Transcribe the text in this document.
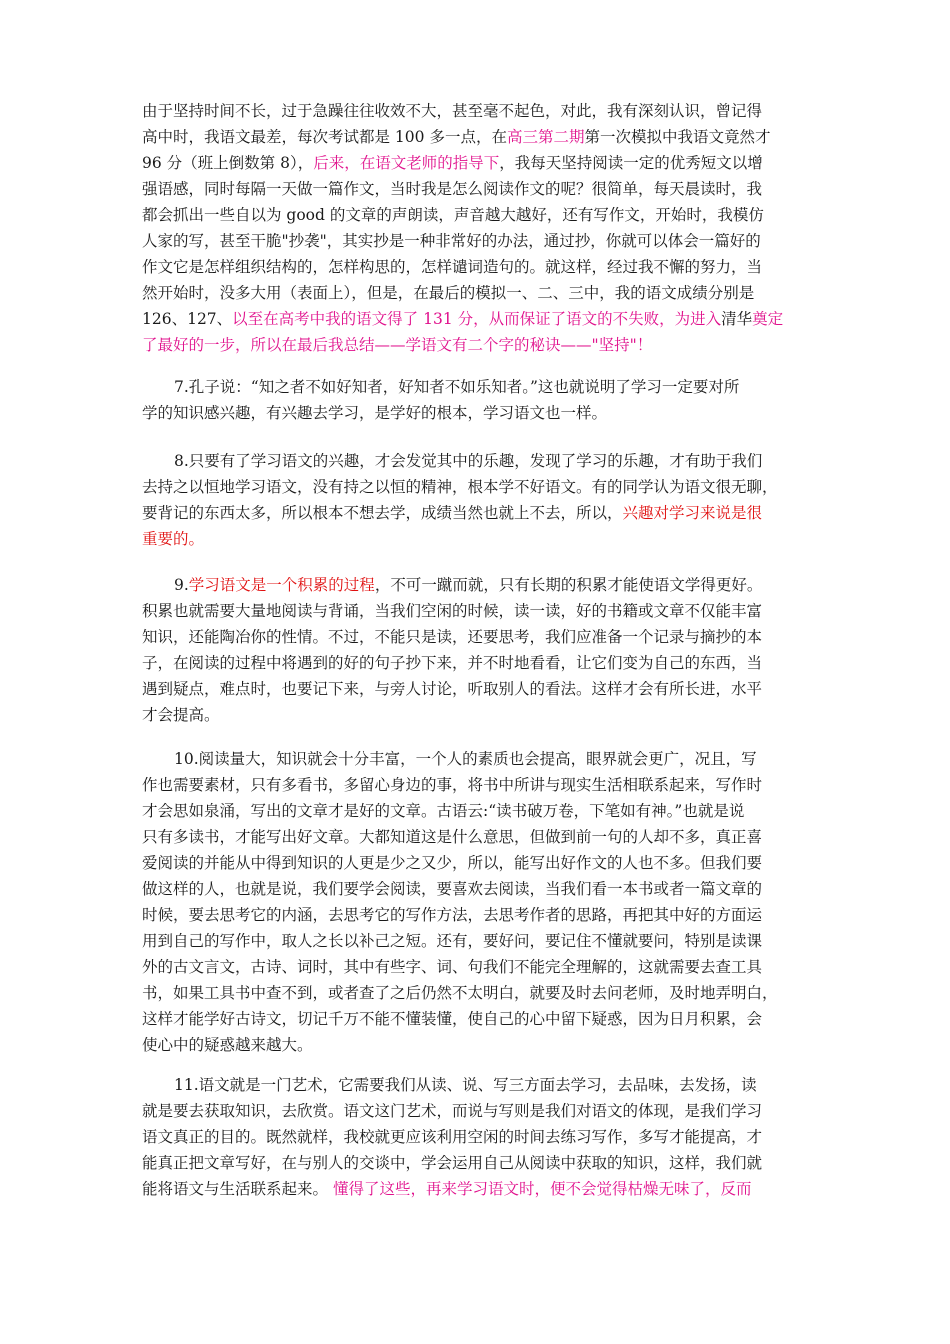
由于坚持时间不长，过于急躁往往收效不大，甚至毫不起色，对此，我有深刻认识，曾记得
高中时，我语文最差，每次考试都是 100 多一点，在高三第二期第一次模拟中我语文竟然才
96 分（班上倒数第 8），后来，在语文老师的指导下，我每天坚持阅读一定的优秀短文以增
强语感，同时每隔一天做一篇作文，当时我是怎么阅读作文的呢？很简单，每天晨读时，我
都会抓出一些自以为 good 的文章的声朗读，声音越大越好，还有写作文，开始时，我模仿
人家的写，甚至干脆"抄袭"，其实抄是一种非常好的办法，通过抄，你就可以体会一篇好的
作文它是怎样组织结构的，怎样构思的，怎样谴词造句的。就这样，经过我不懈的努力，当
然开始时，没多大用（表面上），但是，在最后的模拟一、二、三中，我的语文成绩分别是
126、127、以至在高考中我的语文得了 131 分，从而保证了语文的不失败，为进入清华奠定
了最好的一步，所以在最后我总结——学语文有二个字的秘诀——"坚持"！
7.孔子说：“知之者不如好知者，好知者不如乐知者。”这也就说明了学习一定要对所
学的知识感兴趣，有兴趣去学习，是学好的根本，学习语文也一样。
8.只要有了学习语文的兴趣，才会发觉其中的乐趣，发现了学习的乐趣，才有助于我们
去持之以恒地学习语文，没有持之以恒的精神，根本学不好语文。有的同学认为语文很无聊，
要背记的东西太多，所以根本不想去学，成绩当然也就上不去，所以，兴趣对学习来说是很
重要的。
9.学习语文是一个积累的过程，不可一蹴而就，只有长期的积累才能使语文学得更好。
积累也就需要大量地阅读与背诵，当我们空闲的时候，读一读，好的书籍或文章不仅能丰富
知识，还能陶冶你的性情。不过，不能只是读，还要思考，我们应准备一个记录与摘抄的本
子，在阅读的过程中将遇到的好的句子抄下来，并不时地看看，让它们变为自己的东西，当
遇到疑点，难点时，也要记下来，与旁人讨论，听取别人的看法。这样才会有所长进，水平
才会提高。
10.阅读量大，知识就会十分丰富，一个人的素质也会提高，眼界就会更广，况且，写
作也需要素材，只有多看书，多留心身边的事，将书中所讲与现实生活相联系起来，写作时
才会思如泉涌，写出的文章才是好的文章。古语云:“读书破万卷，下笔如有神。”也就是说
只有多读书，才能写出好文章。大都知道这是什么意思，但做到前一句的人却不多，真正喜
爱阅读的并能从中得到知识的人更是少之又少，所以，能写出好作文的人也不多。但我们要
做这样的人，也就是说，我们要学会阅读，要喜欢去阅读，当我们看一本书或者一篇文章的
时候，要去思考它的内涵，去思考它的写作方法，去思考作者的思路，再把其中好的方面运
用到自己的写作中，取人之长以补己之短。还有，要好问，要记住不懂就要问，特别是读课
外的古文言文，古诗、词时，其中有些字、词、句我们不能完全理解的，这就需要去查工具
书，如果工具书中查不到，或者查了之后仍然不太明白，就要及时去问老师，及时地弄明白，
这样才能学好古诗文，切记千万不能不懂装懂，使自己的心中留下疑惑，因为日月积累，会
使心中的疑惑越来越大。
11.语文就是一门艺术，它需要我们从读、说、写三方面去学习，去品味，去发扬，读
就是要去获取知识，去欣赏。语文这门艺术，而说与写则是我们对语文的体现，是我们学习
语文真正的目的。既然就样，我校就更应该利用空闲的时间去练习写作，多写才能提高，才
能真正把文章写好，在与别人的交谈中，学会运用自己从阅读中获取的知识，这样，我们就
能将语文与生活联系起来。 懂得了这些，再来学习语文时，便不会觉得枯燥无味了，反而
